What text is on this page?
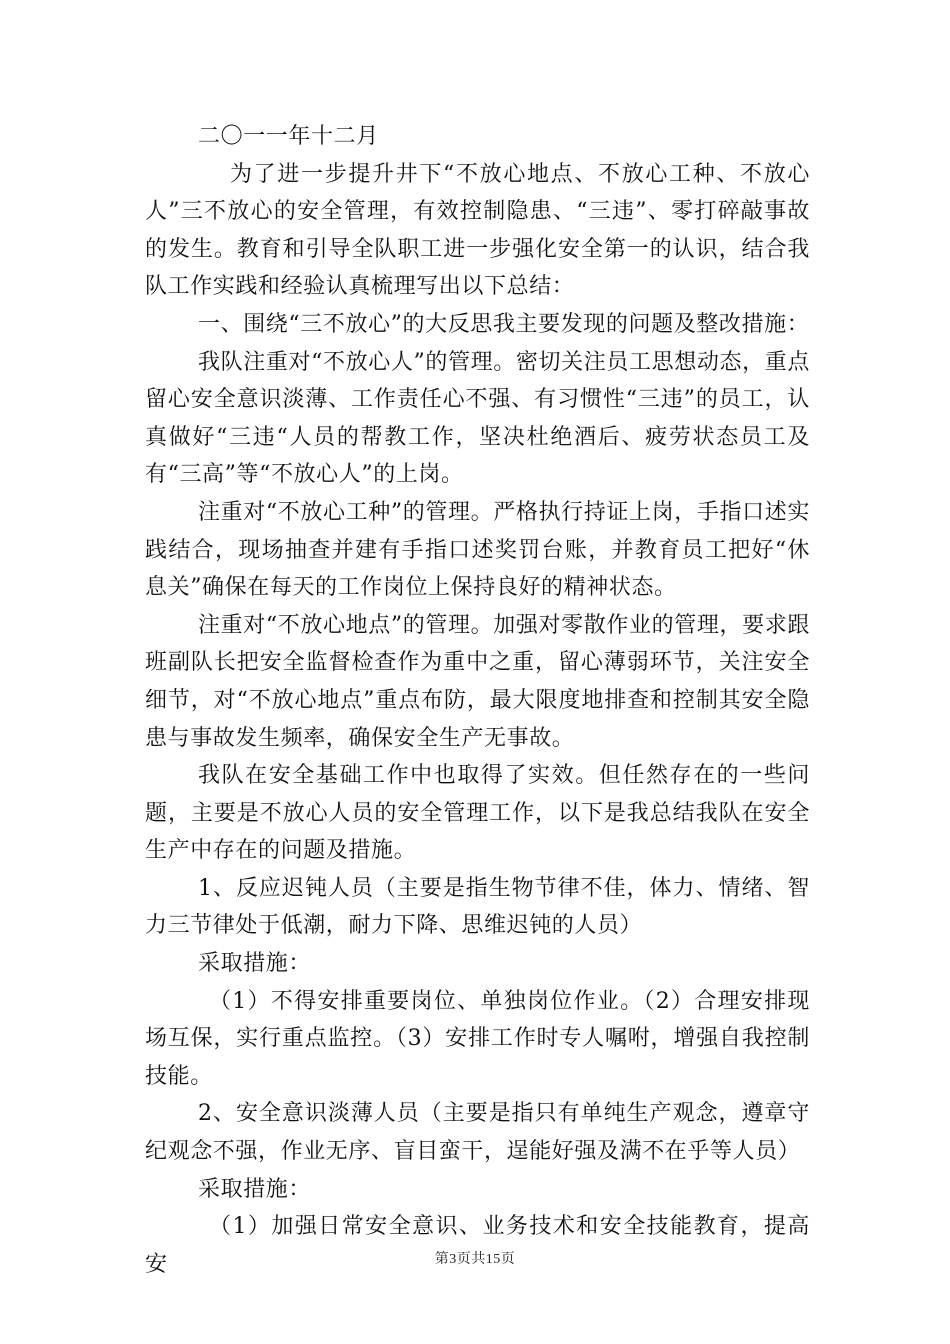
二〇一一年十二月

为了进一步提升井下“不放心地点、不放心工种、不放心人”三不放心的安全管理，有效控制隐患、“三违”、零打碎敲事故的发生。教育和引导全队职工进一步强化安全第一的认识，结合我队工作实践和经验认真梳理写出以下总结：

一、围绕“三不放心”的大反思我主要发现的问题及整改措施：

我队注重对“不放心人”的管理。密切关注员工思想动态，重点留心安全意识淡薄、工作责任心不强、有习惯性“三违”的员工，认真做好“三违“人员的帮教工作，坚决杜绝酒后、疲劳状态员工及有“三高”等“不放心人”的上岗。

注重对“不放心工种”的管理。严格执行持证上岗，手指口述实践结合，现场抽查并建有手指口述奖罚台账，并教育员工把好“休息关”确保在每天的工作岗位上保持良好的精神状态。

注重对“不放心地点”的管理。加强对零散作业的管理，要求跟班副队长把安全监督检查作为重中之重，留心薄弱环节，关注安全细节，对“不放心地点”重点布防，最大限度地排查和控制其安全隐患与事故发生频率，确保安全生产无事故。

我队在安全基础工作中也取得了实效。但任然存在的一些问题，主要是不放心人员的安全管理工作，以下是我总结我队在安全生产中存在的问题及措施。

1、反应迟钝人员（主要是指生物节律不佳，体力、情绪、智力三节律处于低潮，耐力下降、思维迟钝的人员）

采取措施：

（1）不得安排重要岗位、单独岗位作业。（2）合理安排现场互保，实行重点监控。（3）安排工作时专人嘱咐，增强自我控制技能。

2、安全意识淡薄人员（主要是指只有单纯生产观念，遵章守纪观念不强，作业无序、盲目蛮干，逞能好强及满不在乎等人员）

采取措施：

（1）加强日常安全意识、业务技术和安全技能教育，提高安	第3页共15页
